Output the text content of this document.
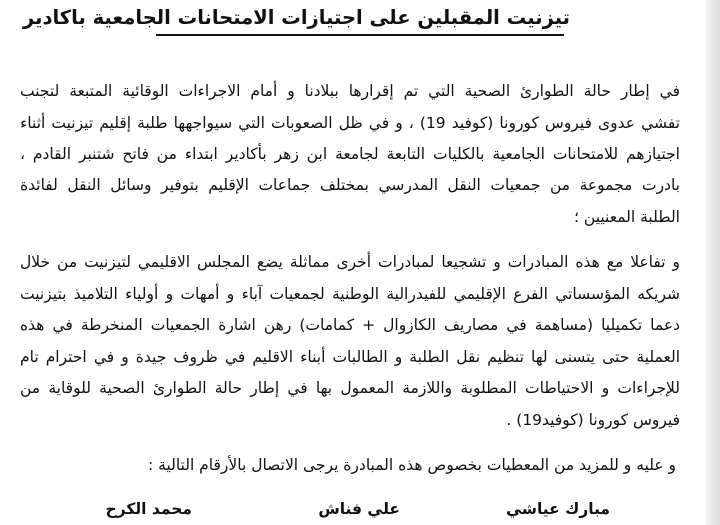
تيزنيت المقبلين على اجتيازات الامتحانات الجامعية باكادير
في إطار حالة الطوارئ الصحية التي تم إقرارها ببلادنا و أمام الاجراءات الوقائية المتبعة لتجنب
تفشي عدوى فيروس كورونا (كوفيد 19) ، و في ظل الصعوبات التي سيواجهها طلبة إقليم تيزنيت أثناء
اجتيازهم للامتحانات الجامعية بالكليات التابعة لجامعة ابن زهر بأكادير ابتداء من فاتح شتنبر القادم ،
بادرت مجموعة من جمعيات النقل المدرسي بمختلف جماعات الإقليم بتوفير وسائل النقل لفائدة
الطلبة المعنيين ؛
و تفاعلا مع هذه المبادرات و تشجيعا لمبادرات أخرى مماثلة يضع المجلس الاقليمي لتيزنيت من خلال
شريكه المؤسساتي الفرع الإقليمي للفيدرالية الوطنية لجمعيات آباء و أمهات و أولياء التلاميذ بتيزنيت
دعما تكميليا (مساهمة في مصاريف الكازوال + كمامات) رهن اشارة الجمعيات المنخرطة في هذه
العملية حتى يتسنى لها تنظيم نقل الطلبة و الطالبات أبناء الاقليم في ظروف جيدة و في احترام تام
للإجراءات و الاحتياطات المطلوبة واللازمة المعمول بها في إطار حالة الطوارئ الصحية للوقاية من
فيروس كورونا (كوفيد19) .
و عليه و للمزيد من المعطيات بخصوص هذه المبادرة يرجى الاتصال بالأرقام التالية :
مبارك عياشي
علي فناش
محمد الكرح
